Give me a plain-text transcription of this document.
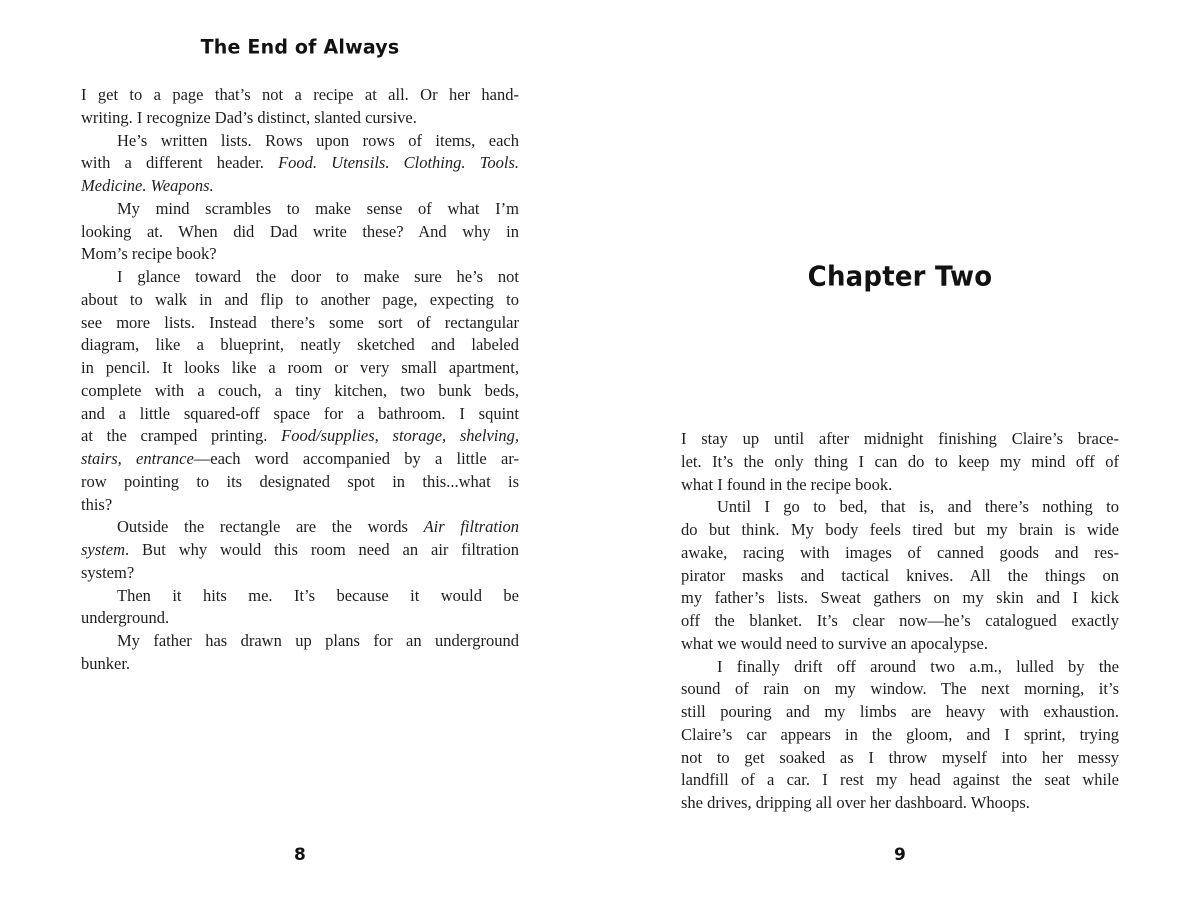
The End of Always
I get to a page that’s not a recipe at all. Or her hand-
writing. I recognize Dad’s distinct, slanted cursive.
He’s written lists. Rows upon rows of items, each
with a different header. Food. Utensils. Clothing. Tools.
Medicine. Weapons.
My mind scrambles to make sense of what I’m
looking at. When did Dad write these? And why in
Mom’s recipe book?
I glance toward the door to make sure he’s not
about to walk in and flip to another page, expecting to
see more lists. Instead there’s some sort of rectangular
diagram, like a blueprint, neatly sketched and labeled
in pencil. It looks like a room or very small apartment,
complete with a couch, a tiny kitchen, two bunk beds,
and a little squared-off space for a bathroom. I squint
at the cramped printing. Food/supplies, storage, shelving,
stairs, entrance—each word accompanied by a little ar-
row pointing to its designated spot in this...what is
this?
Outside the rectangle are the words Air filtration
system. But why would this room need an air filtration
system?
Then it hits me. It’s because it would be
underground.
My father has drawn up plans for an underground
bunker.
8
Chapter Two
I stay up until after midnight finishing Claire’s brace-
let. It’s the only thing I can do to keep my mind off of
what I found in the recipe book.
Until I go to bed, that is, and there’s nothing to
do but think. My body feels tired but my brain is wide
awake, racing with images of canned goods and res-
pirator masks and tactical knives. All the things on
my father’s lists. Sweat gathers on my skin and I kick
off the blanket. It’s clear now—he’s catalogued exactly
what we would need to survive an apocalypse.
I finally drift off around two a.m., lulled by the
sound of rain on my window. The next morning, it’s
still pouring and my limbs are heavy with exhaustion.
Claire’s car appears in the gloom, and I sprint, trying
not to get soaked as I throw myself into her messy
landfill of a car. I rest my head against the seat while
she drives, dripping all over her dashboard. Whoops.
9
